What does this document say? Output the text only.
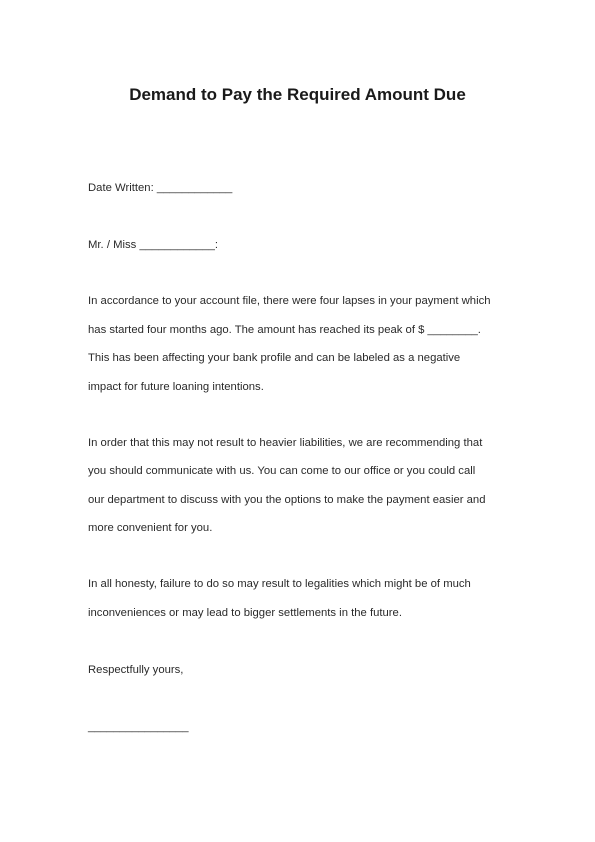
Demand to Pay the Required Amount Due
Date Written: ____________
Mr. / Miss ____________:
In accordance to your account file, there were four lapses in your payment which
has started four months ago. The amount has reached its peak of $ ________.
This has been affecting your bank profile and can be labeled as a negative
impact for future loaning intentions.
In order that this may not result to heavier liabilities, we are recommending that
you should communicate with us. You can come to our office or you could call
our department to discuss with you the options to make the payment easier and
more convenient for you.
In all honesty, failure to do so may result to legalities which might be of much
inconveniences or may lead to bigger settlements in the future.
Respectfully yours,
________________
